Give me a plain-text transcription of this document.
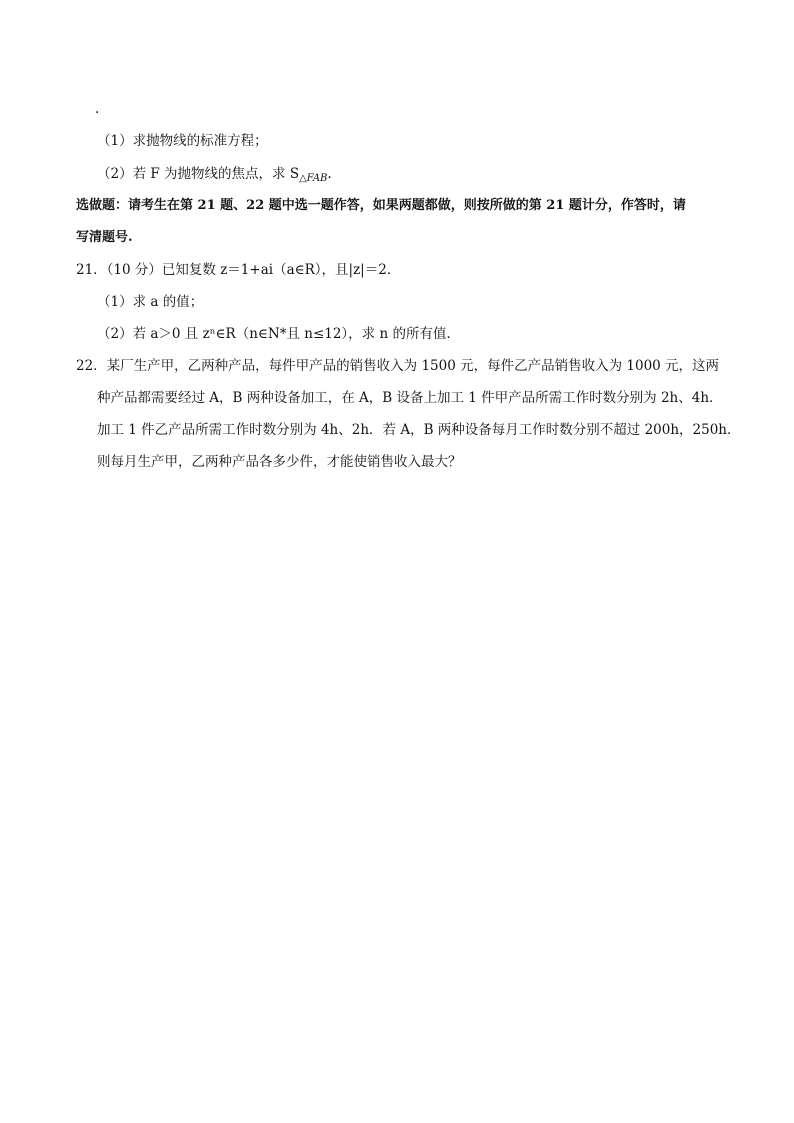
.
（1）求抛物线的标准方程；
（2）若 F 为抛物线的焦点，求 $S_{\triangle FAB}$.
选做题：请考生在第 21 题、22 题中选一题作答，如果两题都做，则按所做的第 21 题计分，作答时，请
写清题号.
21．（10 分）已知复数 z＝1+ai（a∈R），且|z|＝2．
（1）求 a 的值；
（2）若 a＞0 且 zⁿ∈R（n∈N*且 n≤12），求 n 的所有值．
22．某厂生产甲，乙两种产品，每件甲产品的销售收入为 1500 元，每件乙产品销售收入为 1000 元，这两
种产品都需要经过 A，B 两种设备加工，在 A，B 设备上加工 1 件甲产品所需工作时数分别为 2h、4h．
加工 1 件乙产品所需工作时数分别为 4h、2h．若 A，B 两种设备每月工作时数分别不超过 200h，250h．
则每月生产甲，乙两种产品各多少件，才能使销售收入最大？
